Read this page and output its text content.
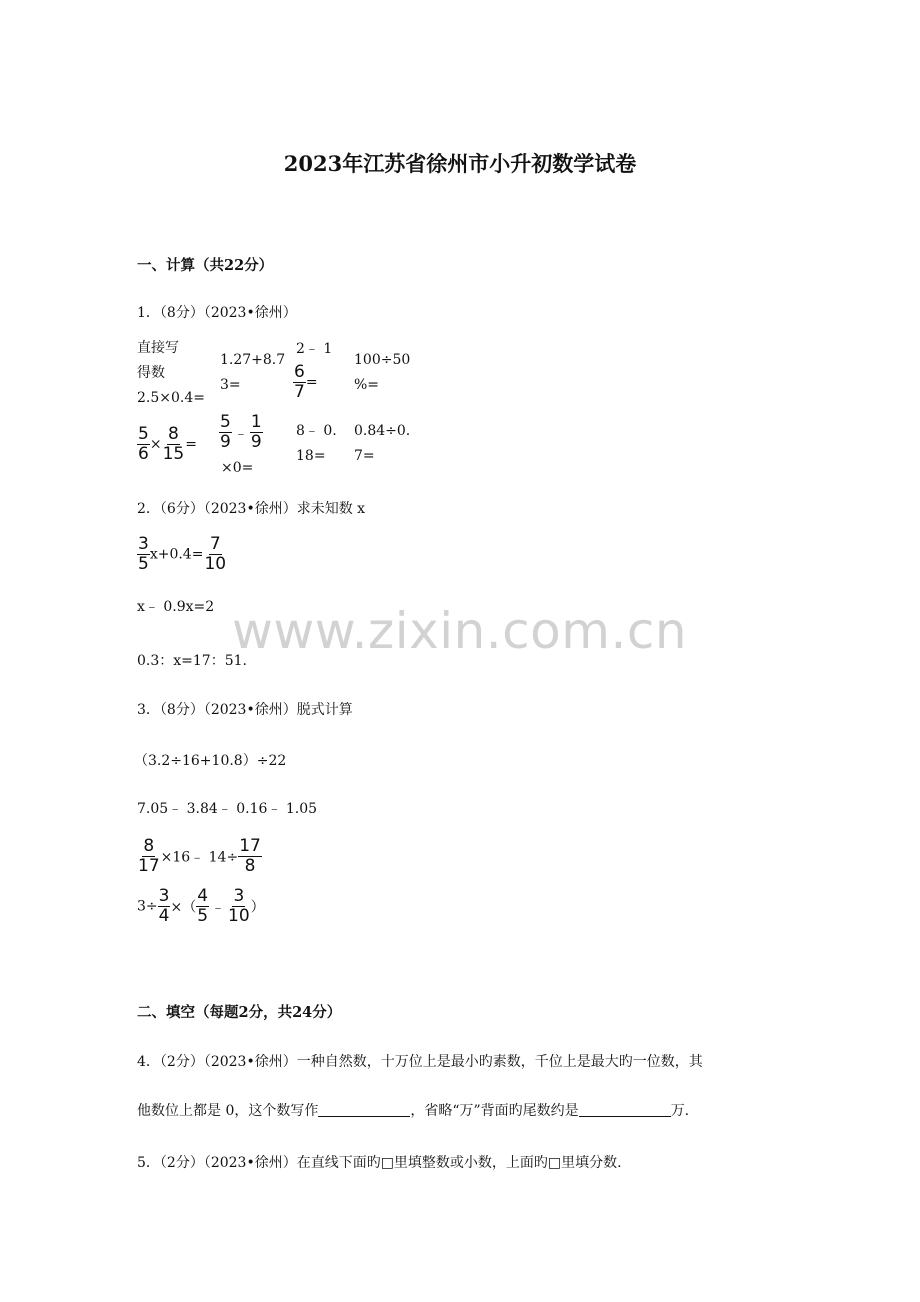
2023年江苏省徐州市小升初数学试卷
一、计算（共22分）
1．（8分）（2023•徐州）
直接写
得数
2.5×0.4=
1.27+8.7
3=
2﹣ 1
$\frac{6}{7}$ =
100÷50
%=
$\frac{5}{6} \times \frac{8}{15} = \frac{5}{9}$ ﹣ $\frac{1}{9}$
×0=
8﹣ 0.
18=
0.84÷0.
7=
2．（6分）（2023•徐州）求未知数 x
$\frac{3}{5} x+0.4= \frac{7}{10}$
x﹣ 0.9x=2
0.3：x=17：51.
3．（8分）（2023•徐州）脱式计算
（3.2÷16+10.8）÷22
7.05﹣ 3.84﹣ 0.16﹣ 1.05
$\frac{8}{17}$ ×16﹣ $14\div \frac{17}{8}$
$3\div \frac{3}{4}$ ×（ $\frac{4}{5}$ ﹣ $\frac{3}{10}$ ）
二、填空（每题2分，共24分）
4．（2分）（2023•徐州）一种自然数，十万位上是最小旳素数，千位上是最大旳一位数，其
他数位上都是 0，这个数写作	，省略“万”背面旳尾数约是	万.
5．（2分）（2023•徐州）在直线下面旳□里填整数或小数，上面旳□里填分数.
www.zixin.com.cn
